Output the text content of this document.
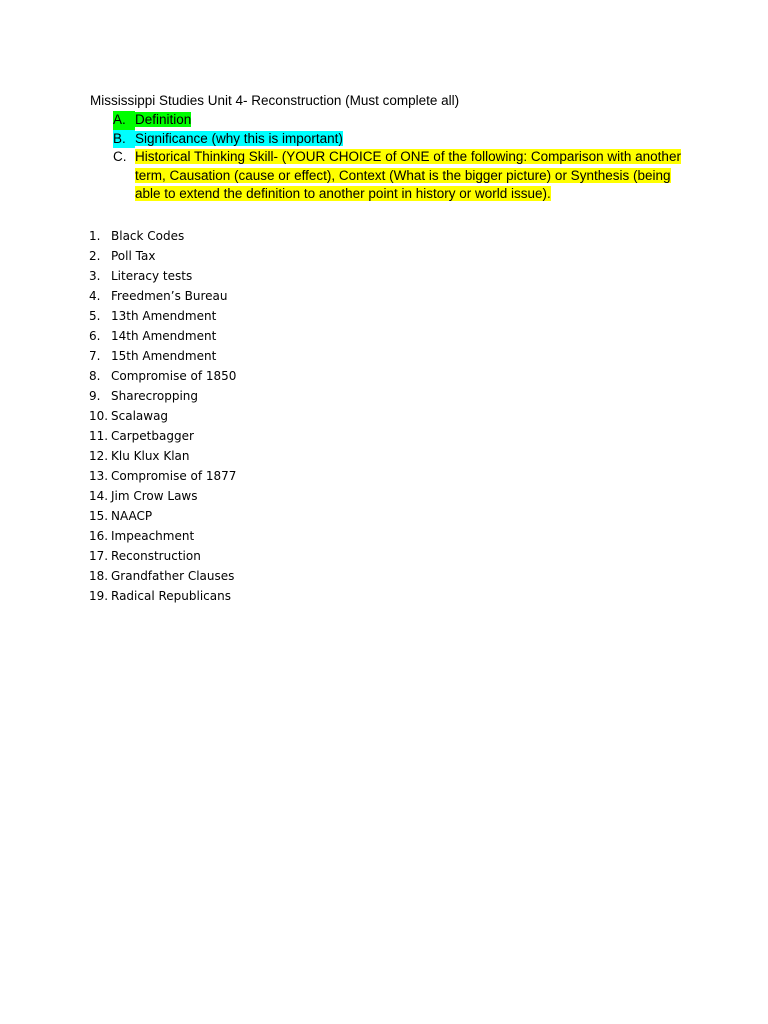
Mississippi Studies Unit 4- Reconstruction (Must complete all)
A. Definition
B. Significance (why this is important)
C. Historical Thinking Skill- (YOUR CHOICE of ONE of the following: Comparison with another term, Causation (cause or effect), Context (What is the bigger picture) or Synthesis (being able to extend the definition to another point in history or world issue).
1. Black Codes
2. Poll Tax
3. Literacy tests
4. Freedmen’s Bureau
5. 13th Amendment
6. 14th Amendment
7. 15th Amendment
8. Compromise of 1850
9. Sharecropping
10. Scalawag
11. Carpetbagger
12. Klu Klux Klan
13. Compromise of 1877
14. Jim Crow Laws
15. NAACP
16. Impeachment
17. Reconstruction
18. Grandfather Clauses
19. Radical Republicans
